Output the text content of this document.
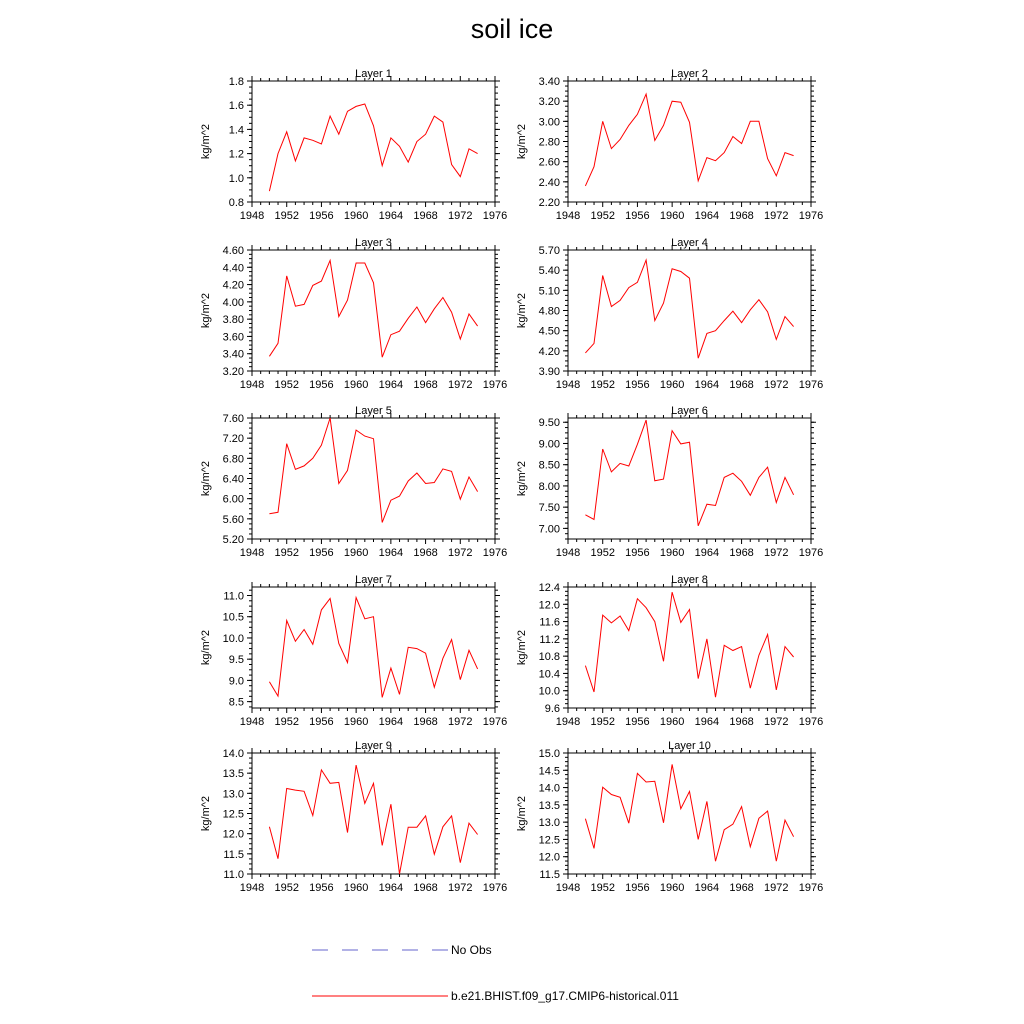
soil ice
Layer 1
kg/m^2
1948 1952 1956 1960 1964 1968 1972 1976
0.8
1.0
1.2
1.4
1.6
1.8
Layer 2
kg/m^2
1948 1952 1956 1960 1964 1968 1972 1976
2.20
2.40
2.60
2.80
3.00
3.20
3.40
Layer 3
kg/m^2
1948 1952 1956 1960 1964 1968 1972 1976
3.20
3.40
3.60
3.80
4.00
4.20
4.40
4.60
Layer 4
kg/m^2
1948 1952 1956 1960 1964 1968 1972 1976
3.90
4.20
4.50
4.80
5.10
5.40
5.70
Layer 5
kg/m^2
1948 1952 1956 1960 1964 1968 1972 1976
5.20
5.60
6.00
6.40
6.80
7.20
7.60
Layer 6
kg/m^2
1948 1952 1956 1960 1964 1968 1972 1976
7.00
7.50
8.00
8.50
9.00
9.50
Layer 7
kg/m^2
1948 1952 1956 1960 1964 1968 1972 1976
8.5
9.0
9.5
10.0
10.5
11.0
Layer 8
kg/m^2
1948 1952 1956 1960 1964 1968 1972 1976
9.6
10.0
10.4
10.8
11.2
11.6
12.0
12.4
Layer 9
kg/m^2
1948 1952 1956 1960 1964 1968 1972 1976
11.0
11.5
12.0
12.5
13.0
13.5
14.0
Layer 10
kg/m^2
1948 1952 1956 1960 1964 1968 1972 1976
11.5
12.0
12.5
13.0
13.5
14.0
14.5
15.0
No Obs
b.e21.BHIST.f09_g17.CMIP6-historical.011
